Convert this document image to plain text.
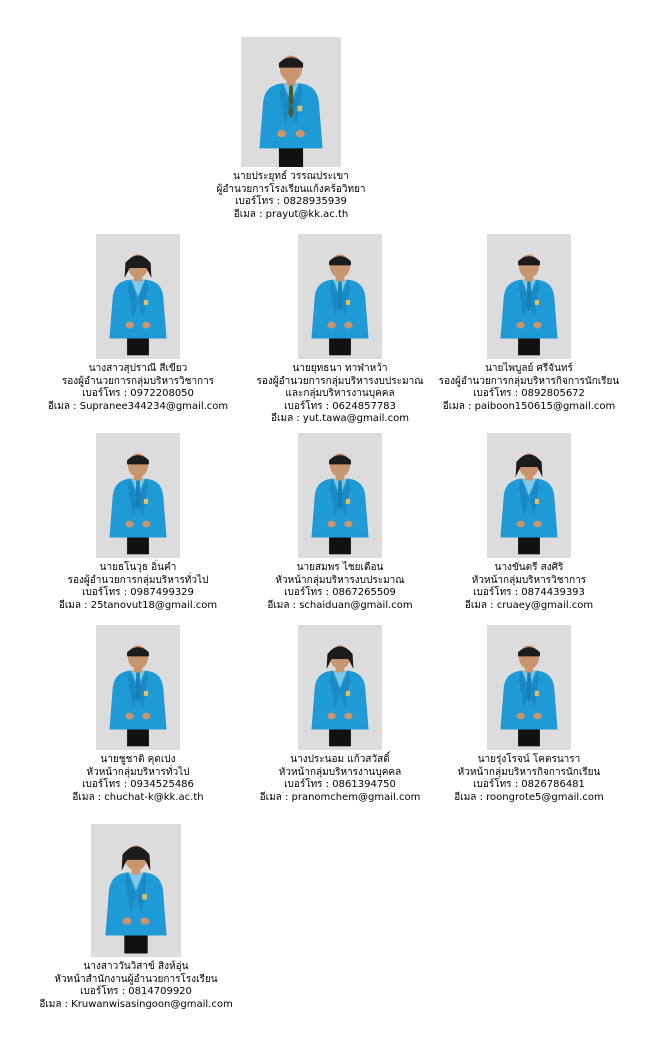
นายประยุทธ์ วรรณประเขา
ผู้อำนวยการโรงเรียนแก้งคร้อวิทยา
เบอร์โทร : 0828935939
อีเมล : prayut@kk.ac.th
นางสาวสุปราณี สีเขียว
รองผู้อำนวยการกลุ่มบริหารวิชาการ
เบอร์โทร : 0972208050
อีเมล : Supranee344234@gmail.com
นายยุทธนา ทาฬาหว้า
รองผู้อำนวยการกลุ่มบริหารงบประมาณ
และกลุ่มบริหารงานบุคคล
เบอร์โทร : 0624857783
อีเมล : yut.tawa@gmail.com
นายไพบูลย์ ศรีจันทร์
รองผู้อำนวยการกลุ่มบริหารกิจการนักเรียน
เบอร์โทร : 0892805672
อีเมล : paiboon150615@gmail.com
นายธโนวุธ อิ่นคำ
รองผู้อำนวยการกลุ่มบริหารทั่วไป
เบอร์โทร : 0987499329
อีเมล : 25tanovut18@gmail.com
นายสมพร ไชยเดือน
หัวหน้ากลุ่มบริหารงบประมาณ
เบอร์โทร : 0867265509
อีเมล : schaiduan@gmail.com
นางขันตรี สงศิริ
หัวหน้ากลุ่มบริหารวิชาการ
เบอร์โทร : 0874439393
อีเมล : cruaey@gmail.com
นายชูชาติ คุดเปง
หัวหน้ากลุ่มบริหารทั่วไป
เบอร์โทร : 0934525486
อีเมล : chuchat-k@kk.ac.th
นางประนอม แก้วสวัสดิ์
หัวหน้ากลุ่มบริหารงานบุคคล
เบอร์โทร : 0861394750
อีเมล : pranomchem@gmail.com
นายรุ่งโรจน์ โคตรนารา
หัวหน้ากลุ่มบริหารกิจการนักเรียน
เบอร์โทร : 0826786481
อีเมล : roongrote5@gmail.com
นางสาววันวิสาข์ สิงห์อุ่น
หัวหน้าสำนักงานผู้อำนวยการโรงเรียน
เบอร์โทร : 0814709920
อีเมล : Kruwanwisasingoon@gmail.com
